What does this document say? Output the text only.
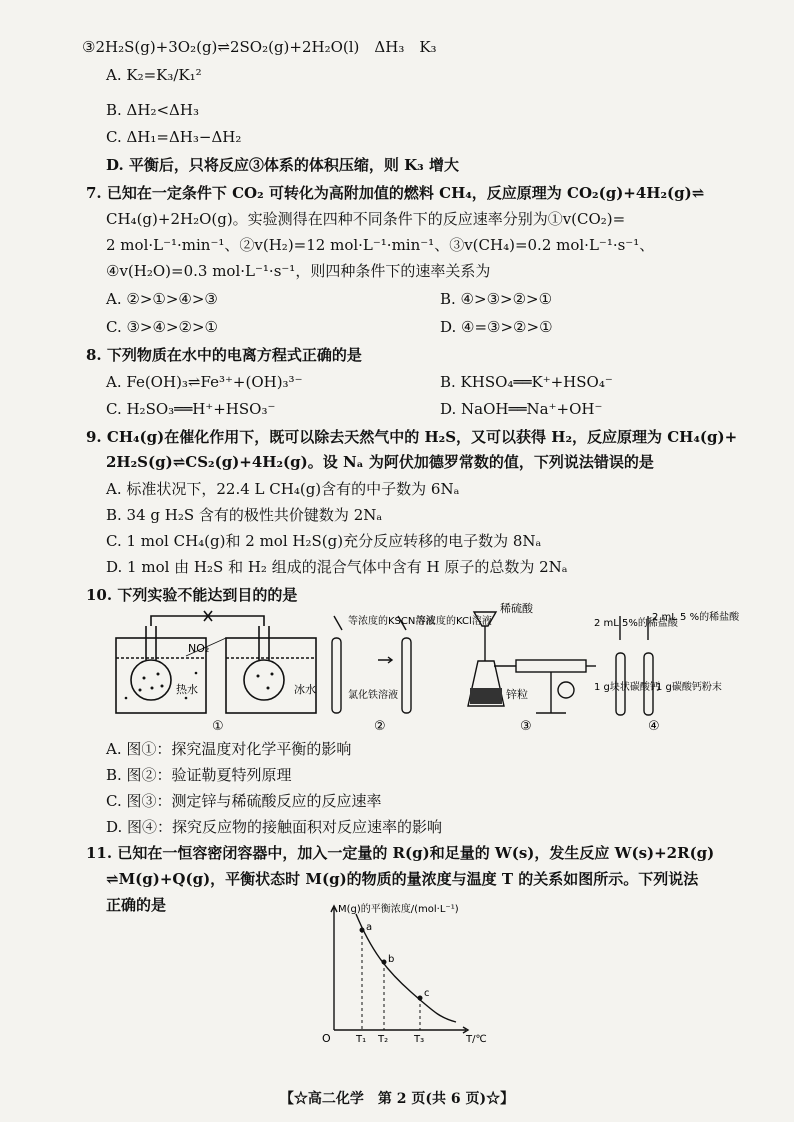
③2H₂S(g)+3O₂(g)⇌2SO₂(g)+2H₂O(l)　ΔH₃　K₃
A. K₂=K₃/K₁²
B. ΔH₂<ΔH₃
C. ΔH₁=ΔH₃−ΔH₂
D. 平衡后，只将反应③体系的体积压缩，则 K₃ 增大
7. 已知在一定条件下 CO₂ 可转化为高附加值的燃料 CH₄，反应原理为 CO₂(g)+4H₂(g)⇌
CH₄(g)+2H₂O(g)。实验测得在四种不同条件下的反应速率分别为①v(CO₂)=
2 mol·L⁻¹·min⁻¹、②v(H₂)=12 mol·L⁻¹·min⁻¹、③v(CH₄)=0.2 mol·L⁻¹·s⁻¹、
④v(H₂O)=0.3 mol·L⁻¹·s⁻¹，则四种条件下的速率关系为
A. ②>①>④>③	B. ④>③>②>①
C. ③>④>②>①	D. ④=③>②>①
8. 下列物质在水中的电离方程式正确的是
A. Fe(OH)₃⇌Fe³⁺+(OH)₃³⁻	B. KHSO₄══K⁺+HSO₄⁻
C. H₂SO₃══H⁺+HSO₃⁻	D. NaOH══Na⁺+OH⁻
9. CH₄(g)在催化作用下，既可以除去天然气中的 H₂S，又可以获得 H₂，反应原理为 CH₄(g)+
2H₂S(g)⇌CS₂(g)+4H₂(g)。设 Nₐ 为阿伏加德罗常数的值，下列说法错误的是
A. 标准状况下，22.4 L CH₄(g)含有的中子数为 6Nₐ
B. 34 g H₂S 含有的极性共价键数为 2Nₐ
C. 1 mol CH₄(g)和 2 mol H₂S(g)充分反应转移的电子数为 8Nₐ
D. 1 mol 由 H₂S 和 H₂ 组成的混合气体中含有 H 原子的总数为 2Nₐ
10. 下列实验不能达到目的的是
NO₂
热水	冰水
①
等浓度的KSCN溶液
等浓度的KCl溶液
氯化铁溶液
②
稀硫酸
锌粒
③
2 mL 5%的稀盐酸
2 mL 5 %的稀盐酸
1 g块状碳酸钙
1 g碳酸钙粉末
④
A. 图①：探究温度对化学平衡的影响
B. 图②：验证勒夏特列原理
C. 图③：测定锌与稀硫酸反应的反应速率
D. 图④：探究反应物的接触面积对反应速率的影响
11. 已知在一恒容密闭容器中，加入一定量的 R(g)和足量的 W(s)，发生反应 W(s)+2R(g)
⇌M(g)+Q(g)，平衡状态时 M(g)的物质的量浓度与温度 T 的关系如图所示。下列说法
正确的是	M(g)的平衡浓度/(mol·L⁻¹)
T/℃
O
a
b
c
T₁ T₂	T₃
【☆高二化学　第 2 页(共 6 页)☆】
